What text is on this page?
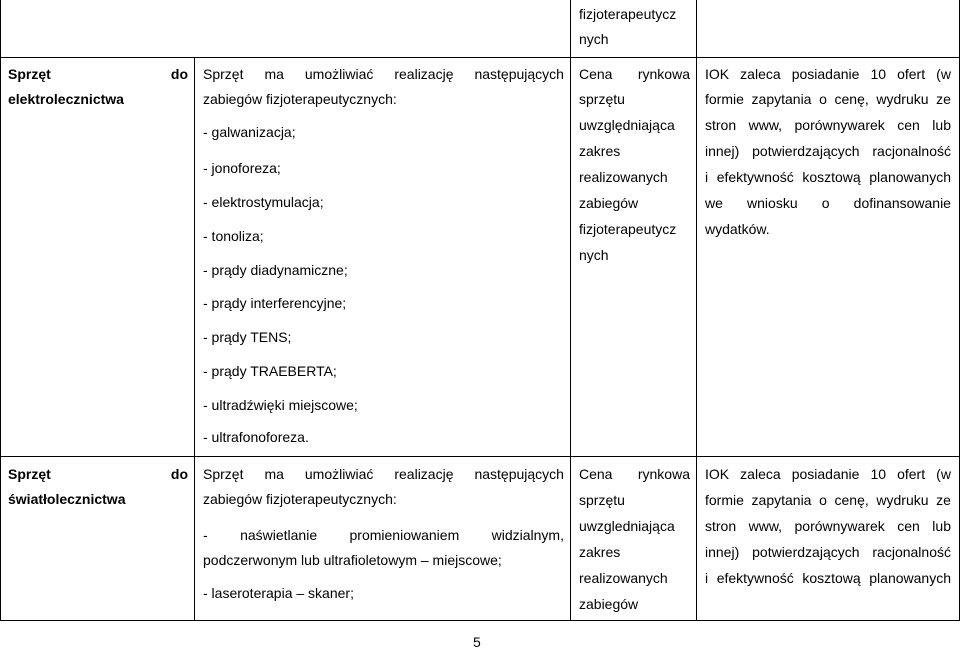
fizjoterapeutycz
nych
Sprzęt	do
elektrolecznictwa
Sprzęt ma umożliwiać realizację następujących
zabiegów fizjoterapeutycznych:
- galwanizacja;
- jonoforeza;
- elektrostymulacja;
- tonoliza;
- prądy diadynamiczne;
- prądy interferencyjne;
- prądy TENS;
- prądy TRAEBERTA;
- ultradźwięki miejscowe;
- ultrafonoforeza.
Cena rynkowa
sprzętu
uwzględniająca
zakres
realizowanych
zabiegów
fizjoterapeutycz
nych
IOK zaleca posiadanie 10 ofert (w
formie zapytania o cenę, wydruku ze
stron www, porównywarek cen lub
innej) potwierdzających racjonalność
i efektywność kosztową planowanych
we wniosku o dofinansowanie
wydatków.
Sprzęt	do
światłolecznictwa
Sprzęt ma umożliwiać realizację następujących
zabiegów fizjoterapeutycznych:
- naświetlanie promieniowaniem widzialnym,
podczerwonym lub ultrafioletowym – miejscowe;
- laseroterapia – skaner;
Cena rynkowa
sprzętu
uwzgledniająca
zakres
realizowanych
zabiegów
IOK zaleca posiadanie 10 ofert (w
formie zapytania o cenę, wydruku ze
stron www, porównywarek cen lub
innej) potwierdzających racjonalność
i efektywność kosztową planowanych
5
